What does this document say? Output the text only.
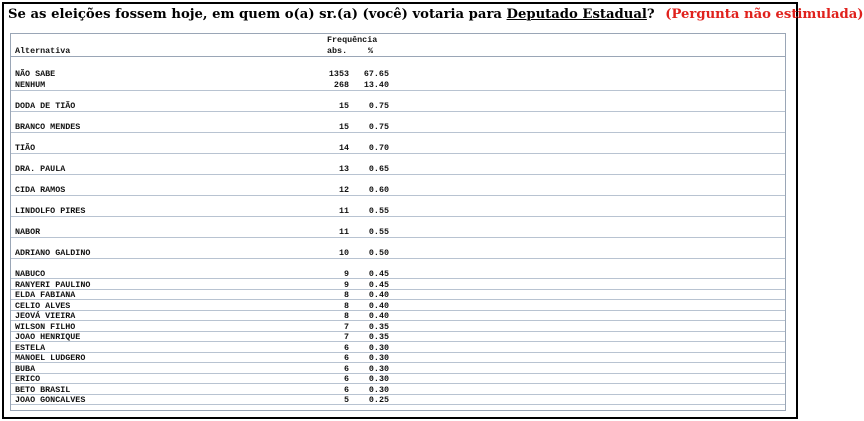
Se as eleições fossem hoje, em quem o(a) sr.(a) (você) votaria para Deputado Estadual? (Pergunta não estimulada)
Frequência
Alternativa	abs. %
NÃO SABE	1353 67.65
NENHUM	268 13.40
DODA DE TIÃO	15 0.75
BRANCO MENDES	15 0.75
TIÃO	14 0.70
DRA. PAULA	13 0.65
CIDA RAMOS	12 0.60
LINDOLFO PIRES	11 0.55
NABOR	11 0.55
ADRIANO GALDINO	10 0.50
NABUCO	9 0.45
RANYERI PAULINO	9 0.45
ELDA FABIANA	8 0.40
CELIO ALVES	8 0.40
JEOVÁ VIEIRA	8 0.40
WILSON FILHO	7 0.35
JOAO HENRIQUE	7 0.35
ESTELA	6 0.30
MANOEL LUDGERO	6 0.30
BUBA	6 0.30
ERICO	6 0.30
BETO BRASIL	6 0.30
JOAO GONCALVES	5 0.25
